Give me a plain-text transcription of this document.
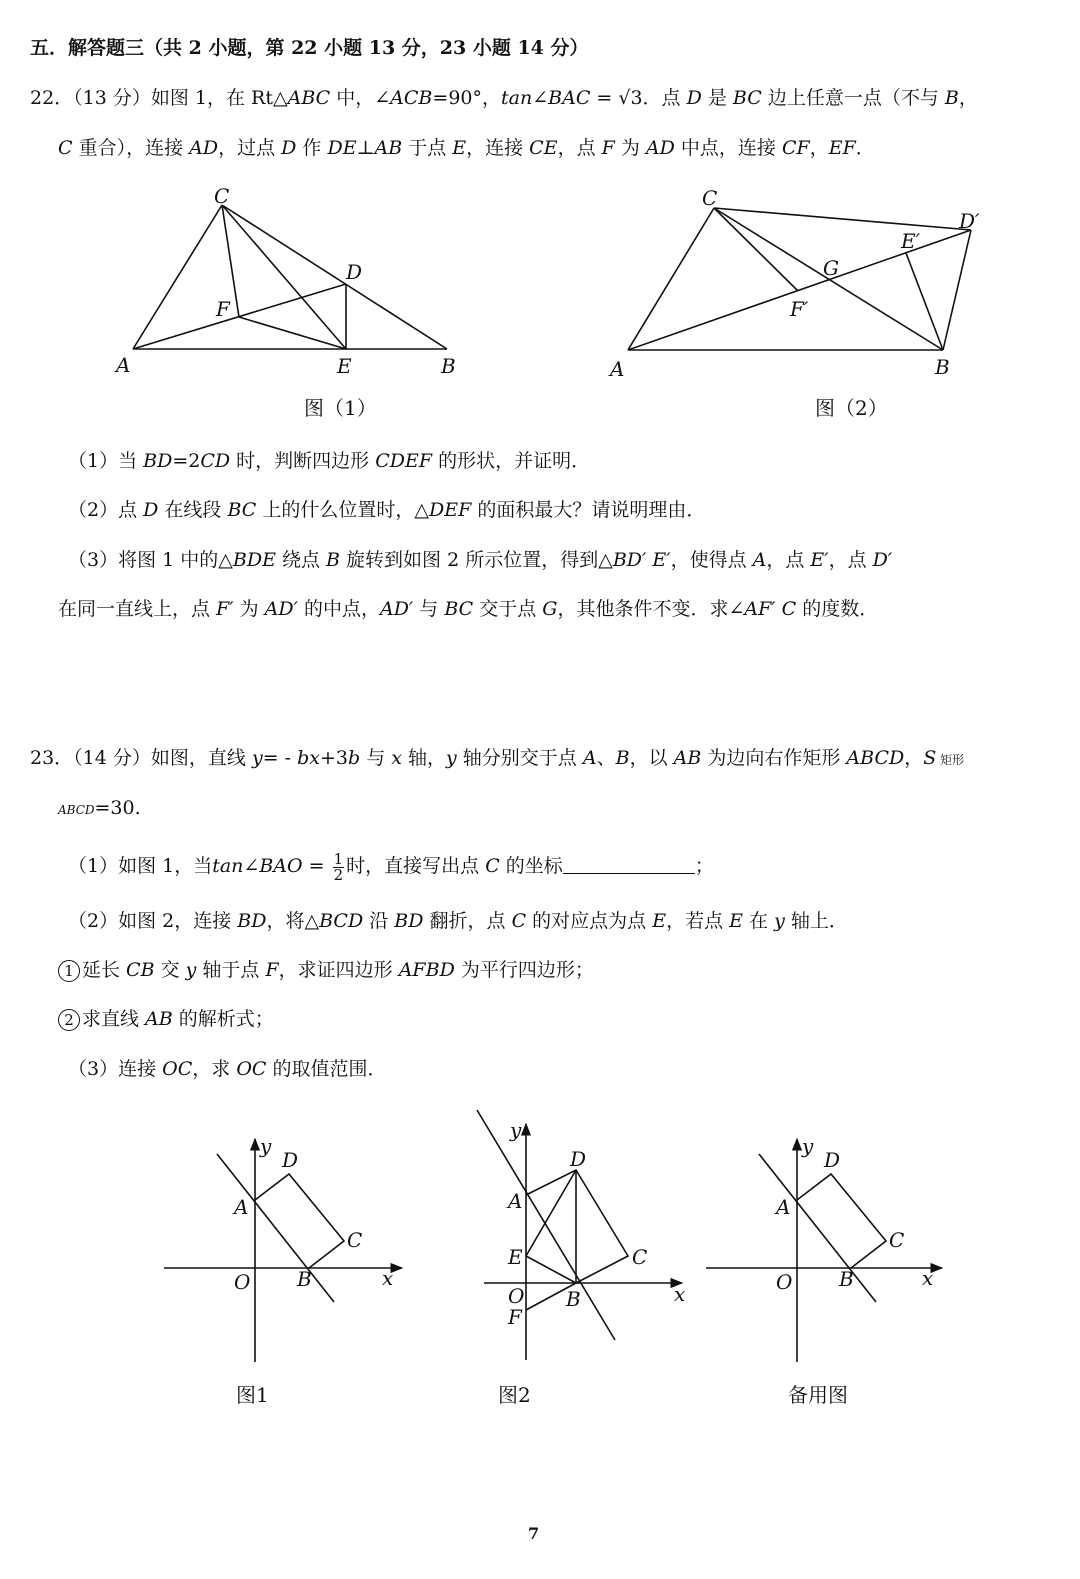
五．解答题三（共 2 小题，第 22 小题 13 分，23 小题 14 分）
22．（13 分）如图 1，在 Rt△ABC 中，∠ACB=90°，tan∠BAC = √3．点 D 是 BC 边上任意一点（不与 B，
C 重合），连接 AD，过点 D 作 DE⊥AB 于点 E，连接 CE，点 F 为 AD 中点，连接 CF，EF．
C
D
F
A	E	B
图（1）
C
D′
E′
G
F′
A	B
图（2）
（1）当 BD=2CD 时，判断四边形 CDEF 的形状，并证明．
（2）点 D 在线段 BC 上的什么位置时，△DEF 的面积最大？请说明理由．
（3）将图 1 中的△BDE 绕点 B 旋转到如图 2 所示位置，得到△BD′ E′，使得点 A，点 E′，点 D′
在同一直线上，点 F′ 为 AD′ 的中点，AD′ 与 BC 交于点 G，其他条件不变．求∠AF′ C 的度数．
23．（14 分）如图，直线 y= - bx+3b 与 x 轴，y 轴分别交于点 A、B，以 AB 为边向右作矩形 ABCD，S 矩形
ABCD=30.
（1）如图 1，当tan∠BAO = $\frac{1}{2}$ 时，直接写出点 C 的坐标	；
（2）如图 2，连接 BD，将△BCD 沿 BD 翻折，点 C 的对应点为点 E，若点 E 在 y 轴上．
1 延长 CB 交 y 轴于点 F，求证四边形 AFBD 为平行四边形；
2 求直线 AB 的解析式；
（3）连接 OC，求 OC 的取值范围．
y
D
A
C
O B	x
图1
y
D
A
C
E
O B
F
x
图2
y
D
A
C
O B	x
备用图
7
